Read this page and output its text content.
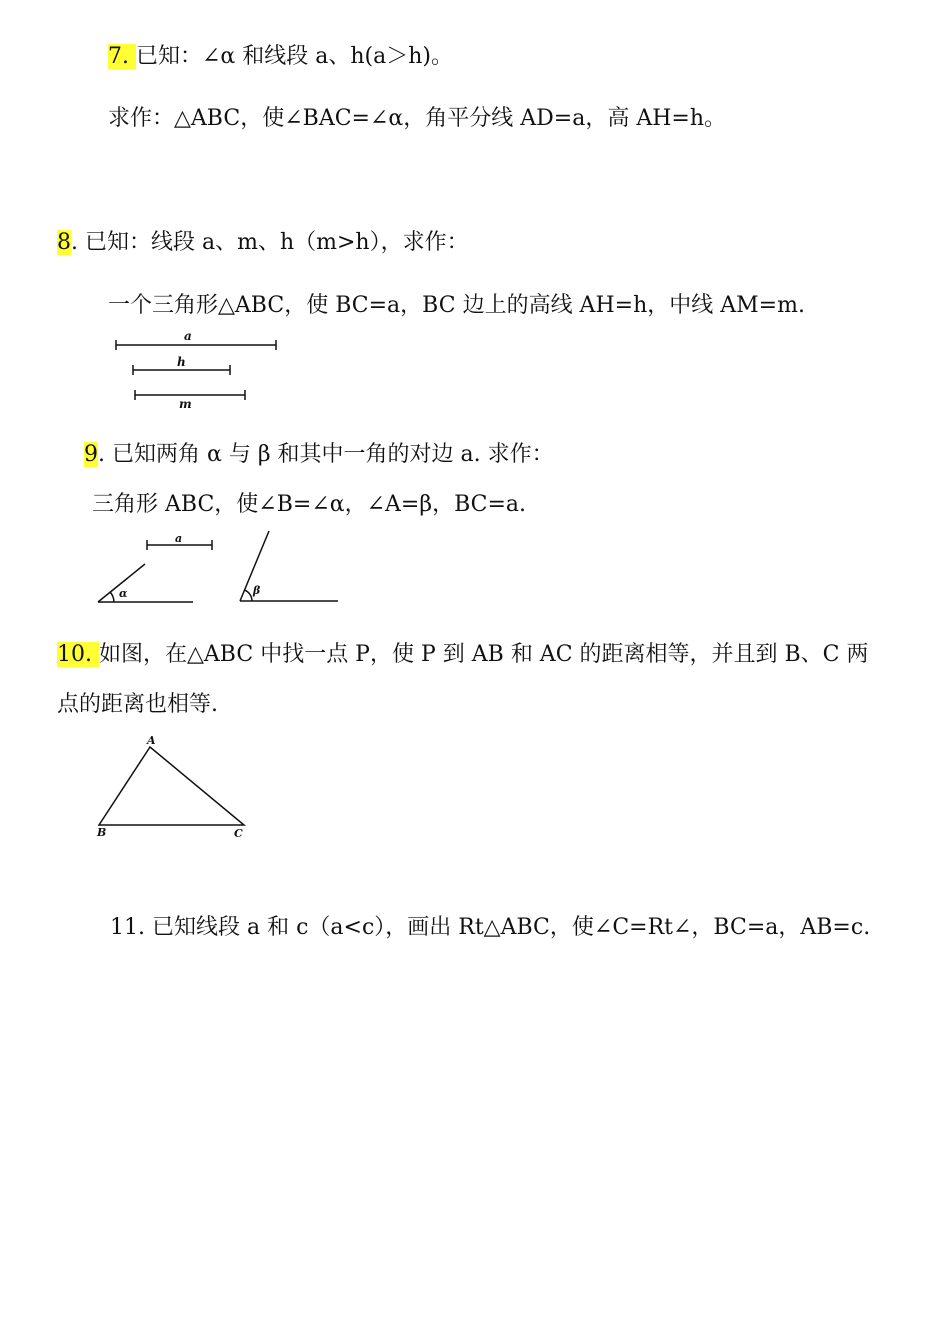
7. 已知：∠α 和线段 a、h(a＞h)。
求作：△ABC，使∠BAC=∠α，角平分线 AD=a，高 AH=h。
8. 已知：线段 a、m、h（m>h），求作：
一个三角形△ABC，使 BC=a，BC 边上的高线 AH=h，中线 AM=m.
a
h
m
9. 已知两角 α 与 β 和其中一角的对边 a. 求作：
三角形 ABC，使∠B=∠α，∠A=β，BC=a.
a
α	β
10. 如图，在△ABC 中找一点 P，使 P 到 AB 和 AC 的距离相等，并且到 B、C 两
点的距离也相等.
A
B	C
11. 已知线段 a 和 c（a<c），画出 Rt△ABC，使∠C=Rt∠，BC=a，AB=c.
